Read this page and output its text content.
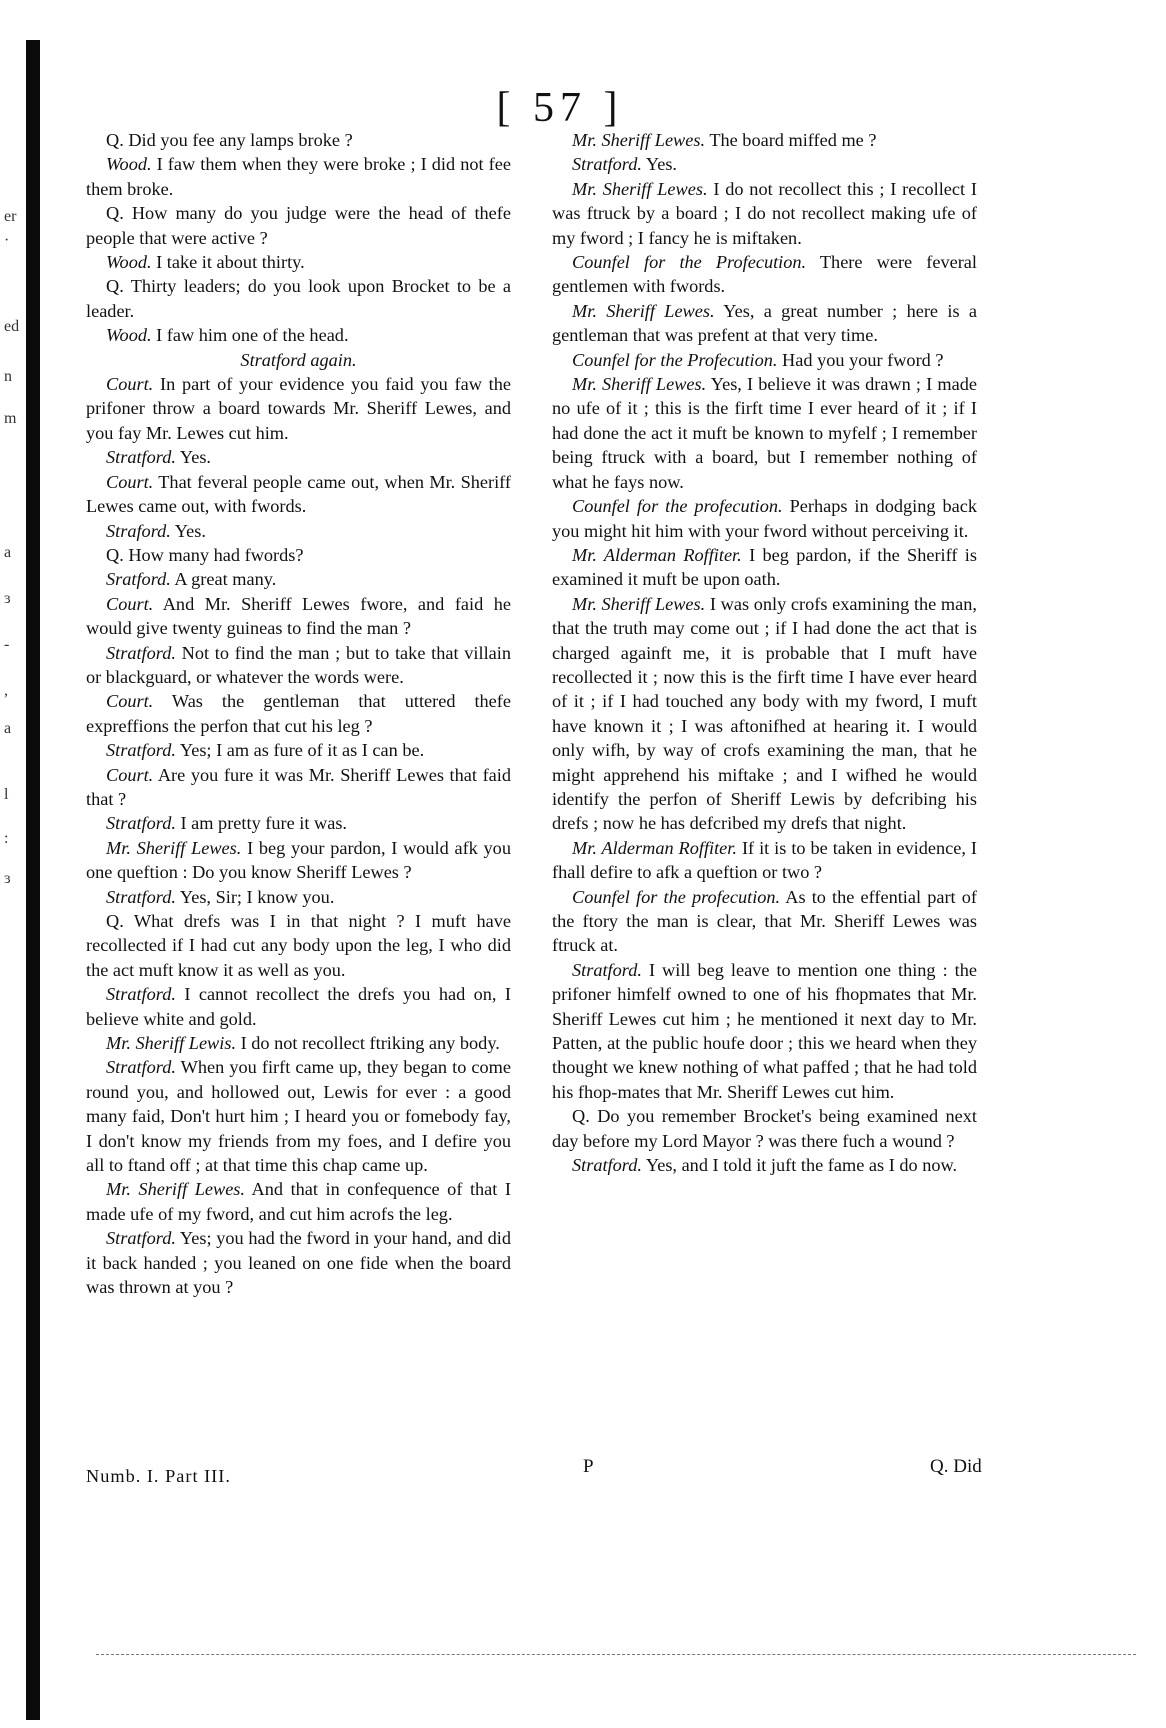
er
·
ed
n
m
a
ɜ
-
,
a
l
:
ɜ
[ 57 ]

Q. Did you fee any lamps broke ?

Wood. I faw them when they were broke ; I did not fee them broke.

Q. How many do you judge were the head of thefe people that were active ?

Wood. I take it about thirty.

Q. Thirty leaders; do you look upon Brocket to be a leader.

Wood. I faw him one of the head.

Stratford again.

Court. In part of your evidence you faid you faw the prifoner throw a board towards Mr. Sheriff Lewes, and you fay Mr. Lewes cut him.

Stratford. Yes.

Court. That feveral people came out, when Mr. Sheriff Lewes came out, with fwords.

Straford. Yes.

Q. How many had fwords?

Sratford. A great many.

Court. And Mr. Sheriff Lewes fwore, and faid he would give twenty guineas to find the man ?

Stratford. Not to find the man ; but to take that villain or blackguard, or whatever the words were.

Court. Was the gentleman that uttered thefe expreffions the perfon that cut his leg ?

Stratford. Yes; I am as fure of it as I can be.

Court. Are you fure it was Mr. Sheriff Lewes that faid that ?

Stratford. I am pretty fure it was.

Mr. Sheriff Lewes. I beg your pardon, I would afk you one queftion : Do you know Sheriff Lewes ?

Stratford. Yes, Sir; I know you.

Q. What drefs was I in that night ? I muft have recollected if I had cut any body upon the leg, I who did the act muft know it as well as you.

Stratford. I cannot recollect the drefs you had on, I believe white and gold.

Mr. Sheriff Lewis. I do not recollect ftriking any body.

Stratford. When you firft came up, they began to come round you, and hollowed out, Lewis for ever : a good many faid, Don't hurt him ; I heard you or fomebody fay, I don't know my friends from my foes, and I defire you all to ftand off ; at that time this chap came up.

Mr. Sheriff Lewes. And that in confequence of that I made ufe of my fword, and cut him acrofs the leg.

Stratford. Yes; you had the fword in your hand, and did it back handed ; you leaned on one fide when the board was thrown at you ?

Mr. Sheriff Lewes. The board miffed me ?

Stratford. Yes.

Mr. Sheriff Lewes. I do not recollect this ; I recollect I was ftruck by a board ; I do not recollect making ufe of my fword ; I fancy he is miftaken.

Counfel for the Profecution. There were feveral gentlemen with fwords.

Mr. Sheriff Lewes. Yes, a great number ; here is a gentleman that was prefent at that very time.

Counfel for the Profecution. Had you your fword ?

Mr. Sheriff Lewes. Yes, I believe it was drawn ; I made no ufe of it ; this is the firft time I ever heard of it ; if I had done the act it muft be known to myfelf ; I remember being ftruck with a board, but I remember nothing of what he fays now.

Counfel for the profecution. Perhaps in dodging back you might hit him with your fword without perceiving it.

Mr. Alderman Roffiter. I beg pardon, if the Sheriff is examined it muft be upon oath.

Mr. Sheriff Lewes. I was only crofs examining the man, that the truth may come out ; if I had done the act that is charged againft me, it is probable that I muft have recollected it ; now this is the firft time I have ever heard of it ; if I had touched any body with my fword, I muft have known it ; I was aftonifhed at hearing it. I would only wifh, by way of crofs examining the man, that he might apprehend his miftake ; and I wifhed he would identify the perfon of Sheriff Lewis by defcribing his drefs ; now he has defcribed my drefs that night.

Mr. Alderman Roffiter. If it is to be taken in evidence, I fhall defire to afk a queftion or two ?

Counfel for the profecution. As to the effential part of the ftory the man is clear, that Mr. Sheriff Lewes was ftruck at.

Stratford. I will beg leave to mention one thing : the prifoner himfelf owned to one of his fhopmates that Mr. Sheriff Lewes cut him ; he mentioned it next day to Mr. Patten, at the public houfe door ; this we heard when they thought we knew nothing of what paffed ; that he had told his fhop-mates that Mr. Sheriff Lewes cut him.

Q. Do you remember Brocket's being examined next day before my Lord Mayor ? was there fuch a wound ?

Stratford. Yes, and I told it juft the fame as I do now.

Numb. I. Part III.	P	Q. Did
